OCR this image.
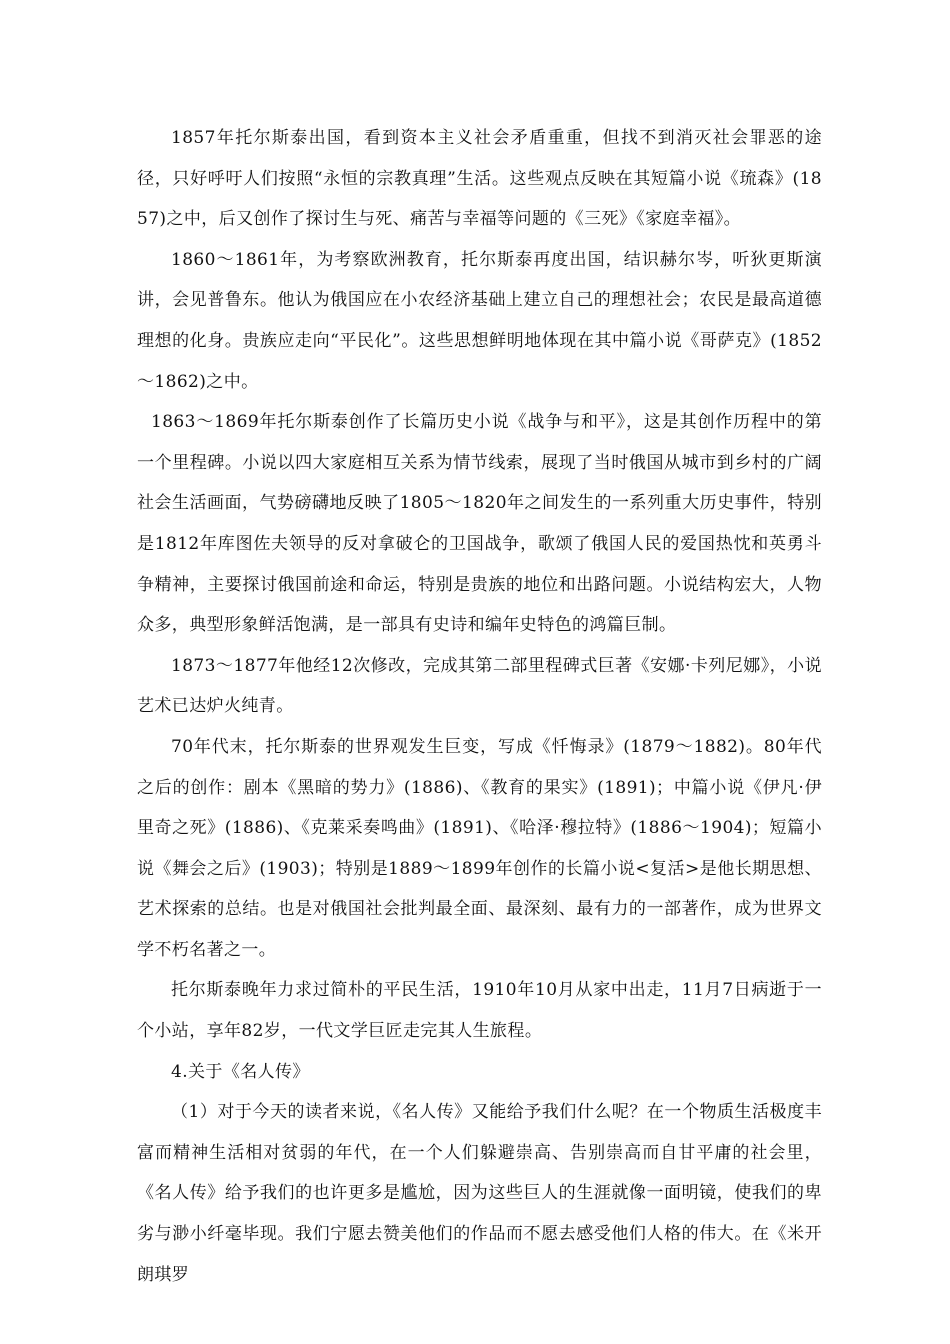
1857年托尔斯泰出国，看到资本主义社会矛盾重重，但找不到消灭社会罪恶的途径，只好呼吁人们按照“永恒的宗教真理”生活。这些观点反映在其短篇小说《琉森》(1857)之中，后又创作了探讨生与死、痛苦与幸福等问题的《三死》《家庭幸福》。

1860～1861年，为考察欧洲教育，托尔斯泰再度出国，结识赫尔岑，听狄更斯演讲，会见普鲁东。他认为俄国应在小农经济基础上建立自己的理想社会；农民是最高道德理想的化身。贵族应走向“平民化”。这些思想鲜明地体现在其中篇小说《哥萨克》(1852～1862)之中。

1863～1869年托尔斯泰创作了长篇历史小说《战争与和平》，这是其创作历程中的第一个里程碑。小说以四大家庭相互关系为情节线索，展现了当时俄国从城市到乡村的广阔社会生活画面，气势磅礴地反映了1805～1820年之间发生的一系列重大历史事件，特别是1812年库图佐夫领导的反对拿破仑的卫国战争，歌颂了俄国人民的爱国热忱和英勇斗争精神，主要探讨俄国前途和命运，特别是贵族的地位和出路问题。小说结构宏大，人物众多，典型形象鲜活饱满，是一部具有史诗和编年史特色的鸿篇巨制。

1873～1877年他经12次修改，完成其第二部里程碑式巨著《安娜·卡列尼娜》，小说艺术已达炉火纯青。

70年代末，托尔斯泰的世界观发生巨变，写成《忏悔录》(1879～1882)。80年代之后的创作：剧本《黑暗的势力》(1886)、《教育的果实》(1891)；中篇小说《伊凡·伊里奇之死》(1886)、《克莱采奏鸣曲》(1891)、《哈泽·穆拉特》(1886～1904)；短篇小说《舞会之后》(1903)；特别是1889～1899年创作的长篇小说<复活>是他长期思想、艺术探索的总结。也是对俄国社会批判最全面、最深刻、最有力的一部著作，成为世界文学不朽名著之一。

托尔斯泰晚年力求过简朴的平民生活，1910年10月从家中出走，11月7日病逝于一个小站，享年82岁，一代文学巨匠走完其人生旅程。

4.关于《名人传》

（1）对于今天的读者来说，《名人传》又能给予我们什么呢？在一个物质生活极度丰富而精神生活相对贫弱的年代，在一个人们躲避崇高、告别崇高而自甘平庸的社会里，《名人传》给予我们的也许更多是尴尬，因为这些巨人的生涯就像一面明镜，使我们的卑劣与渺小纤毫毕现。我们宁愿去赞美他们的作品而不愿去感受他们人格的伟大。在《米开朗琪罗
